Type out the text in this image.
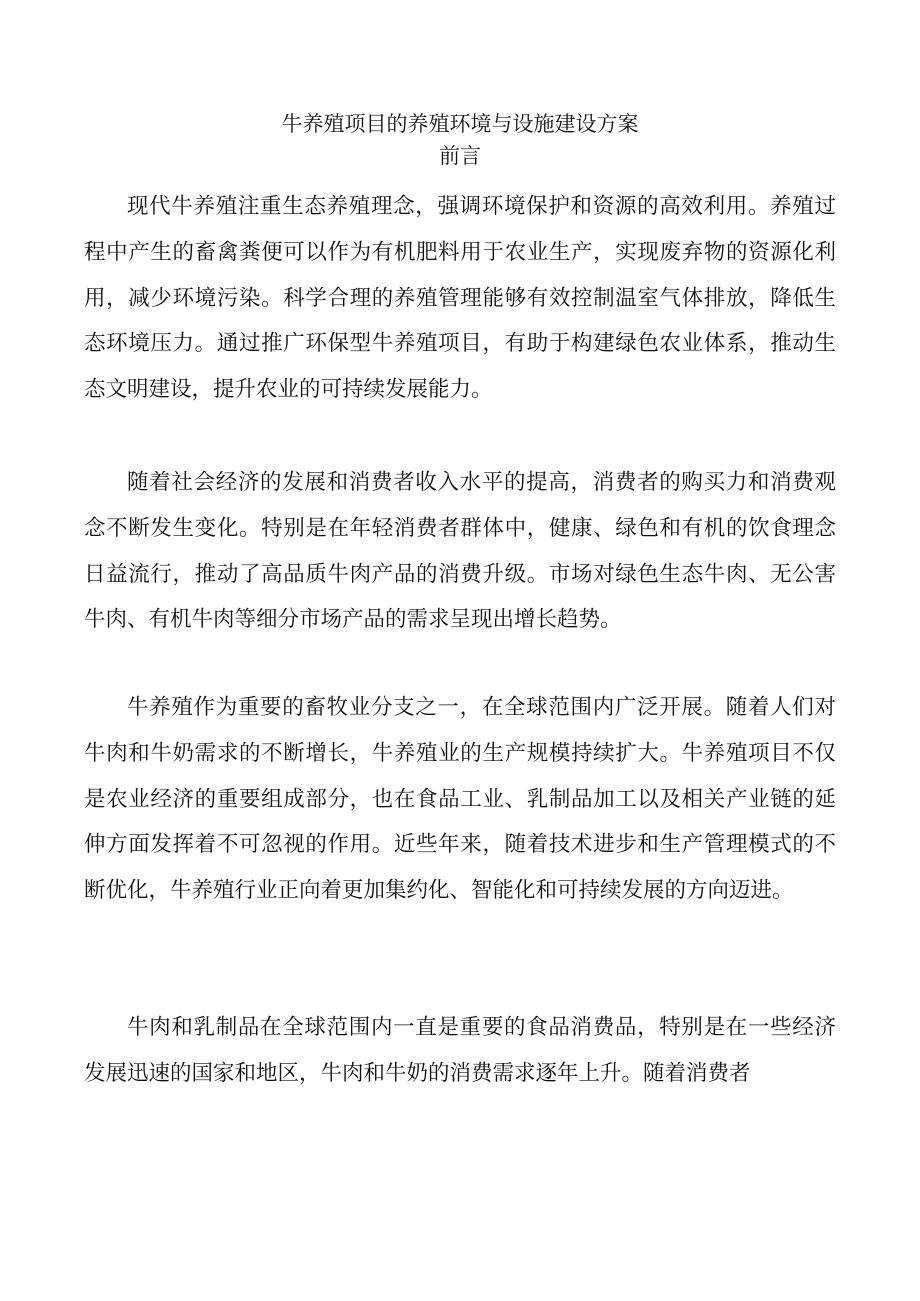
牛养殖项目的养殖环境与设施建设方案
前言

现代牛养殖注重生态养殖理念，强调环境保护和资源的高效利用。养殖过程中产生的畜禽粪便可以作为有机肥料用于农业生产，实现废弃物的资源化利用，减少环境污染。科学合理的养殖管理能够有效控制温室气体排放，降低生态环境压力。通过推广环保型牛养殖项目，有助于构建绿色农业体系，推动生态文明建设，提升农业的可持续发展能力。

随着社会经济的发展和消费者收入水平的提高，消费者的购买力和消费观念不断发生变化。特别是在年轻消费者群体中，健康、绿色和有机的饮食理念日益流行，推动了高品质牛肉产品的消费升级。市场对绿色生态牛肉、无公害牛肉、有机牛肉等细分市场产品的需求呈现出增长趋势。

牛养殖作为重要的畜牧业分支之一，在全球范围内广泛开展。随着人们对牛肉和牛奶需求的不断增长，牛养殖业的生产规模持续扩大。牛养殖项目不仅是农业经济的重要组成部分，也在食品工业、乳制品加工以及相关产业链的延伸方面发挥着不可忽视的作用。近些年来，随着技术进步和生产管理模式的不断优化，牛养殖行业正向着更加集约化、智能化和可持续发展的方向迈进。

牛肉和乳制品在全球范围内一直是重要的食品消费品，特别是在一些经济发展迅速的国家和地区，牛肉和牛奶的消费需求逐年上升。随着消费者
